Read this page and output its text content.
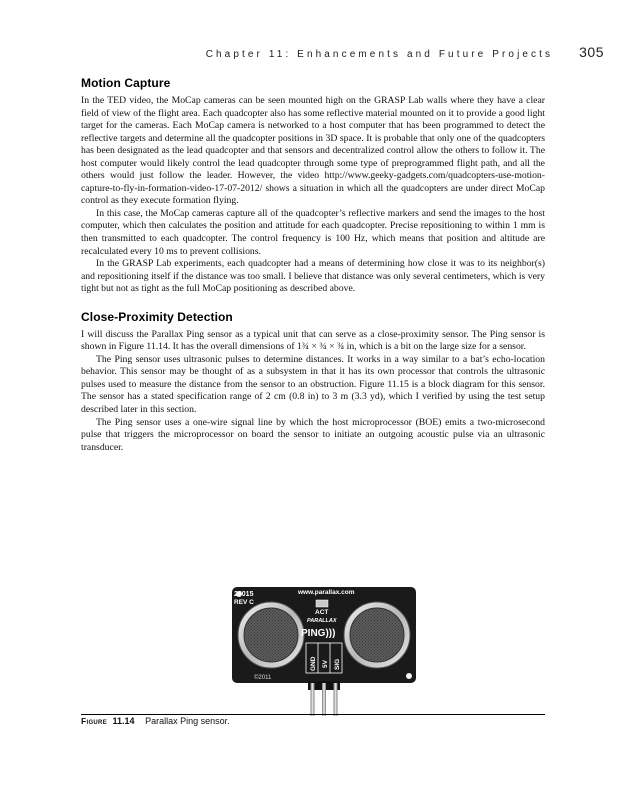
Chapter 11: Enhancements and Future Projects 305
Motion Capture

In the TED video, the MoCap cameras can be seen mounted high on the GRASP Lab walls where they have a clear field of view of the flight area. Each quadcopter also has some reflective material mounted on it to provide a good light target for the cameras. Each MoCap camera is networked to a host computer that has been programmed to detect the reflective targets and determine all the quadcopter positions in 3D space. It is probable that only one of the quadcopters has been designated as the lead quadcopter and that sensors and decentralized control allow the others to follow it. The host computer would likely control the lead quadcopter through some type of preprogrammed flight path, and all the others would just follow the leader. However, the video http://www.geeky-gadgets.com/quadcopters-use-motion-capture-to-fly-in-formation-video-17-07-2012/ shows a situation in which all the quadcopters are under direct MoCap control as they execute formation flying.

In this case, the MoCap cameras capture all of the quadcopter’s reflective markers and send the images to the host computer, which then calculates the position and attitude for each quadcopter. Precise repositioning to within 1 mm is then transmitted to each quadcopter. The control frequency is 100 Hz, which means that position and altitude are recalculated every 10 ms to prevent collisions.

In the GRASP Lab experiments, each quadcopter had a means of determining how close it was to its neighbor(s) and repositioning itself if the distance was too small. I believe that distance was only several centimeters, which is very tight but not as tight as the full MoCap positioning as described above.

Close-Proximity Detection

I will discuss the Parallax Ping sensor as a typical unit that can serve as a close-proximity sensor. The Ping sensor is shown in Figure 11.14. It has the overall dimensions of 1¾ × ¾ × ¾ in, which is a bit on the large size for a sensor.

The Ping sensor uses ultrasonic pulses to determine distances. It works in a way similar to a bat’s echo-location behavior. This sensor may be thought of as a subsystem in that it has its own processor that controls the ultrasonic pulses used to measure the distance from the sensor to an obstruction. Figure 11.15 is a block diagram for this sensor. The sensor has a stated specification range of 2 cm (0.8 in) to 3 m (3.3 yd), which I verified by using the test setup described later in this section.

The Ping sensor uses a one-wire signal line by which the host microprocessor (BOE) emits a two-microsecond pulse that triggers the microprocessor on board the sensor to initiate an outgoing acoustic pulse via an ultrasonic transducer.

28015
REV C
www.parallax.com
ACT
PARALLAX
PING)))
GND 5V SIG
©2011
Figure 11.14 Parallax Ping sensor.
